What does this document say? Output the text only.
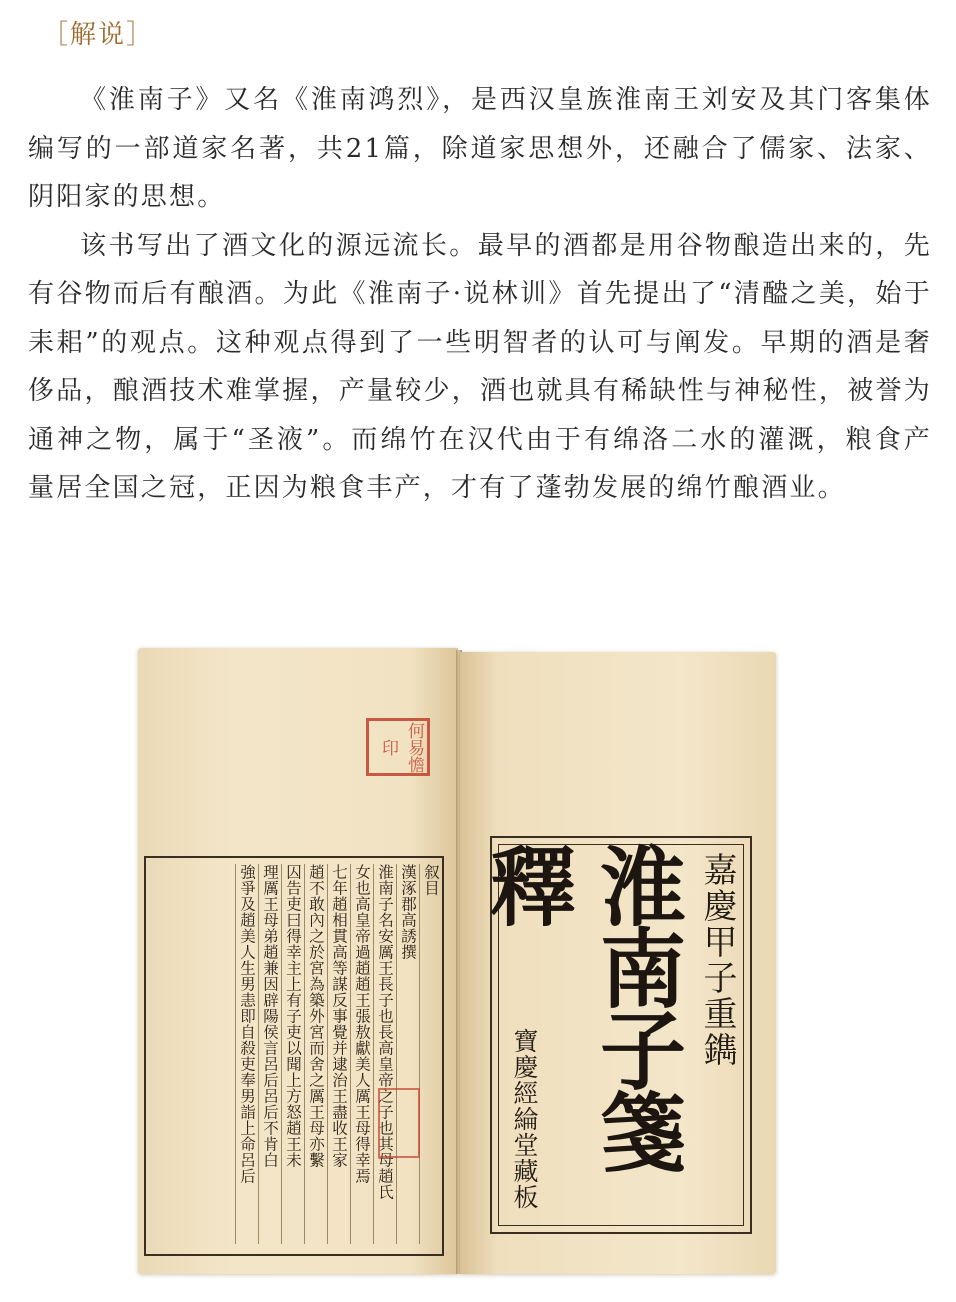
［解说］

《淮南子》又名《淮南鸿烈》，是西汉皇族淮南王刘安及其门客集体编写的一部道家名著，共21篇，除道家思想外，还融合了儒家、法家、阴阳家的思想。

该书写出了酒文化的源远流长。最早的酒都是用谷物酿造出来的，先有谷物而后有酿酒。为此《淮南子·说林训》首先提出了“清醠之美，始于耒耜”的观点。这种观点得到了一些明智者的认可与阐发。早期的酒是奢侈品，酿酒技术难掌握，产量较少，酒也就具有稀缺性与神秘性，被誉为通神之物，属于“圣液”。而绵竹在汉代由于有绵洛二水的灌溉，粮食产量居全国之冠，正因为粮食丰产，才有了蓬勃发展的绵竹酿酒业。

何易憺印
叙目
漢涿郡高誘撰
淮南子名安厲王長子也長高皇帝之子也其母趙氏
女也高皇帝過趙趙王張敖獻美人厲王母得幸焉
七年趙相貫高等謀反事覺并逮治王盡收王家
趙不敢內之於宮為築外宮而舍之厲王母亦繫
囚告吏曰得幸主上有子吏以聞上方怒趙王未
理厲王母弟趙兼因辟陽侯言呂后呂后不肯白
強爭及趙美人生男恚即自殺吏奉男詣上命呂后	嘉慶甲子重鐫
淮南子箋釋
寶慶經綸堂藏板
